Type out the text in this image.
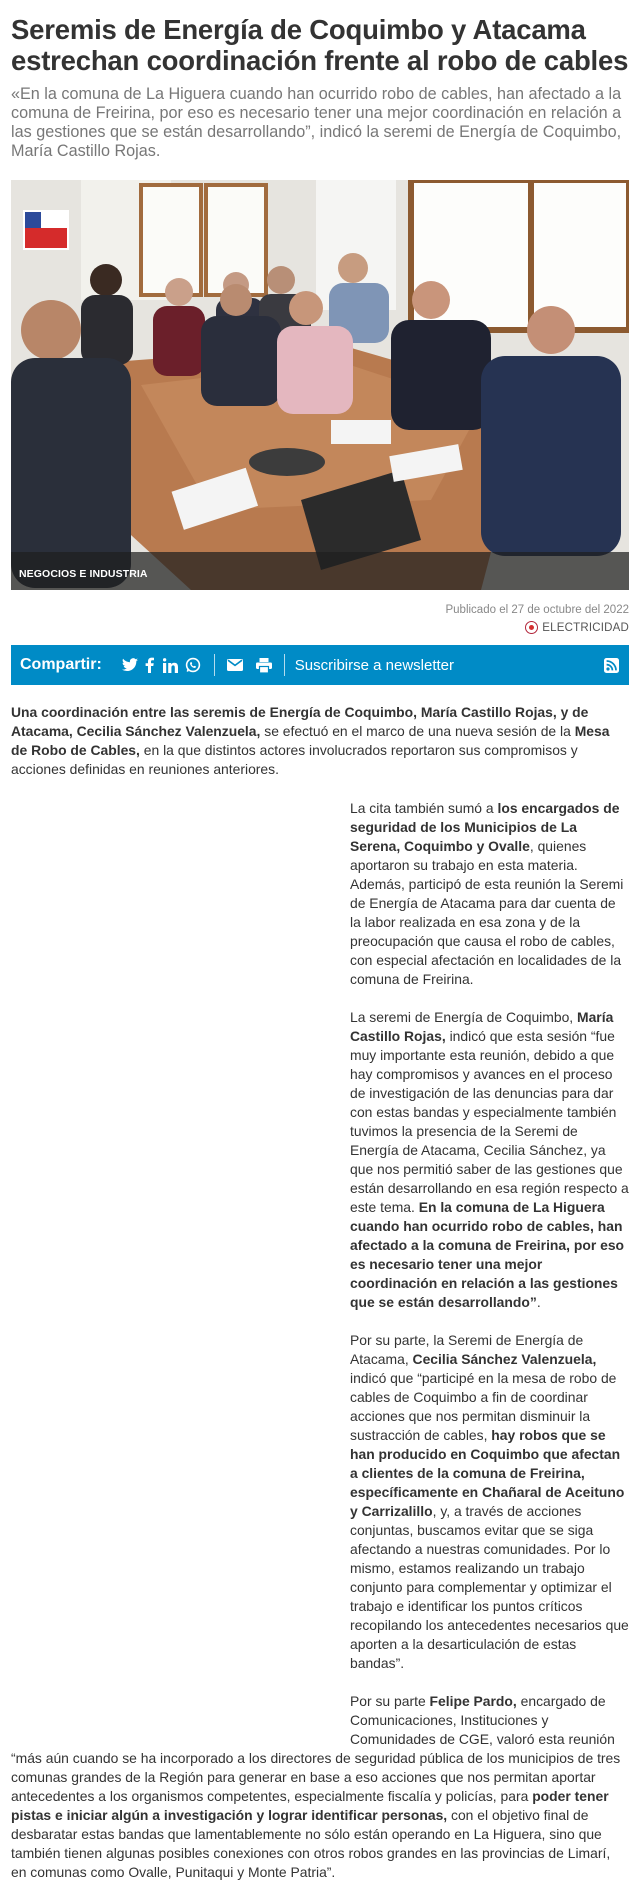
Seremis de Energía de Coquimbo y Atacama estrechan coordinación frente al robo de cables

«En la comuna de La Higuera cuando han ocurrido robo de cables, han afectado a la comuna de Freirina, por eso es necesario tener una mejor coordinación en relación a las gestiones que se están desarrollando”, indicó la seremi de Energía de Coquimbo, María Castillo Rojas.

NEGOCIOS E INDUSTRIA
Publicado el 27 de octubre del 2022
ELECTRICIDAD
Compartir:	Suscribirse a newsletter

Una coordinación entre las seremis de Energía de Coquimbo, María Castillo Rojas, y de Atacama, Cecilia Sánchez Valenzuela, se efectuó en el marco de una nueva sesión de la Mesa de Robo de Cables, en la que distintos actores involucrados reportaron sus compromisos y acciones definidas en reuniones anteriores.

La cita también sumó a los encargados de seguridad de los Municipios de La Serena, Coquimbo y Ovalle, quienes aportaron su trabajo en esta materia. Además, participó de esta reunión la Seremi de Energía de Atacama para dar cuenta de la labor realizada en esa zona y de la preocupación que causa el robo de cables, con especial afectación en localidades de la comuna de Freirina.

La seremi de Energía de Coquimbo, María Castillo Rojas, indicó que esta sesión “fue muy importante esta reunión, debido a que hay compromisos y avances en el proceso de investigación de las denuncias para dar con estas bandas y especialmente también tuvimos la presencia de la Seremi de Energía de Atacama, Cecilia Sánchez, ya que nos permitió saber de las gestiones que están desarrollando en esa región respecto a este tema. En la comuna de La Higuera cuando han ocurrido robo de cables, han afectado a la comuna de Freirina, por eso es necesario tener una mejor coordinación en relación a las gestiones que se están desarrollando”.

Por su parte, la Seremi de Energía de Atacama, Cecilia Sánchez Valenzuela, indicó que “participé en la mesa de robo de cables de Coquimbo a fin de coordinar acciones que nos permitan disminuir la sustracción de cables, hay robos que se han producido en Coquimbo que afectan a clientes de la comuna de Freirina, específicamente en Chañaral de Aceituno y Carrizalillo, y, a través de acciones conjuntas, buscamos evitar que se siga afectando a nuestras comunidades. Por lo mismo, estamos realizando un trabajo conjunto para complementar y optimizar el trabajo e identificar los puntos críticos recopilando los antecedentes necesarios que aporten a la desarticulación de estas bandas”.

Por su parte Felipe Pardo, encargado de Comunicaciones, Instituciones y Comunidades de CGE, valoró esta reunión

“más aún cuando se ha incorporado a los directores de seguridad pública de los municipios de tres comunas grandes de la Región para generar en base a eso acciones que nos permitan aportar antecedentes a los organismos competentes, especialmente fiscalía y policías, para poder tener pistas e iniciar algún a investigación y lograr identificar personas, con el objetivo final de desbaratar estas bandas que lamentablemente no sólo están operando en La Higuera, sino que también tienen algunas posibles conexiones con otros robos grandes en las provincias de Limarí, en comunas como Ovalle, Punitaqui y Monte Patria”.
